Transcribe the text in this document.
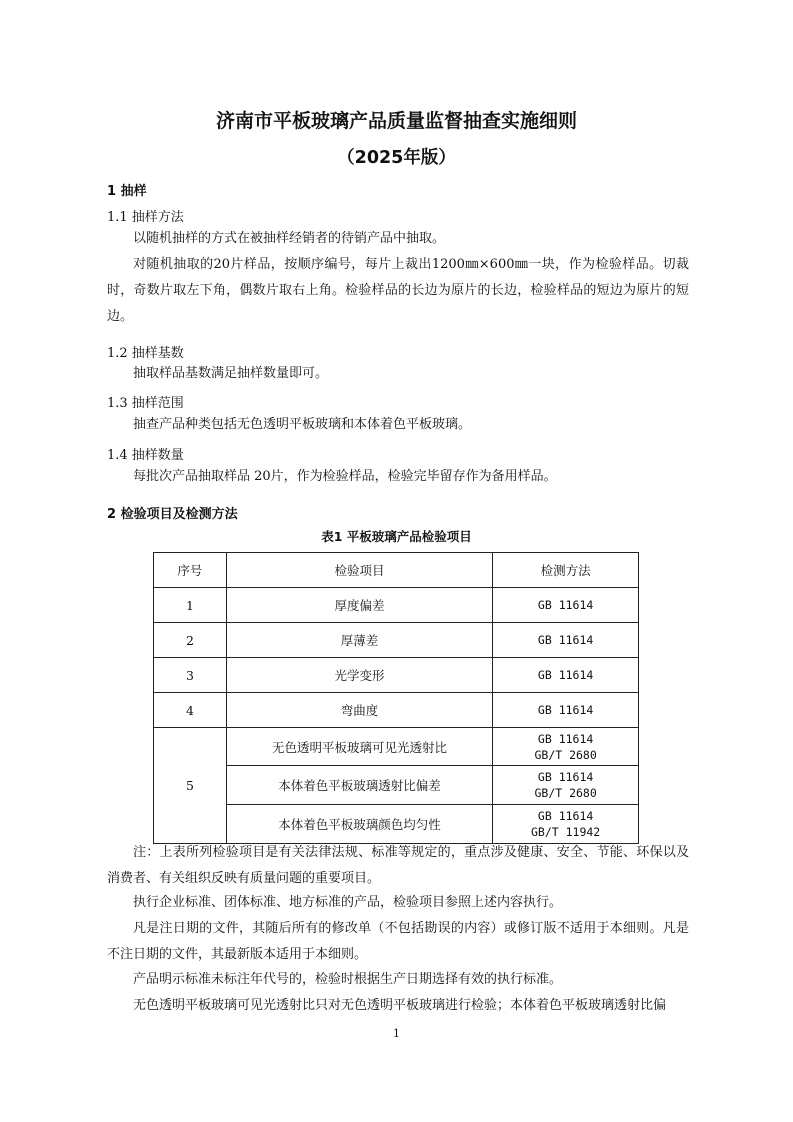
济南市平板玻璃产品质量监督抽查实施细则
（2025年版）
1 抽样
1.1 抽样方法
以随机抽样的方式在被抽样经销者的待销产品中抽取。
对随机抽取的20片样品，按顺序编号，每片上裁出1200㎜×600㎜一块，作为检验样品。切裁时，奇数片取左下角，偶数片取右上角。检验样品的长边为原片的长边，检验样品的短边为原片的短边。
1.2 抽样基数
抽取样品基数满足抽样数量即可。
1.3 抽样范围
抽查产品种类包括无色透明平板玻璃和本体着色平板玻璃。
1.4 抽样数量
每批次产品抽取样品 20片，作为检验样品，检验完毕留存作为备用样品。
2 检验项目及检测方法
表1 平板玻璃产品检验项目
序号	检验项目	检测方法
1	厚度偏差	GB 11614
2	厚薄差	GB 11614
3	光学变形	GB 11614
4	弯曲度	GB 11614
5	无色透明平板玻璃可见光透射比	GB 11614
GB/T 2680

	本体着色平板玻璃透射比偏差	GB 11614
GB/T 2680

	本体着色平板玻璃颜色均匀性	GB 11614
GB/T 11942
注：上表所列检验项目是有关法律法规、标准等规定的，重点涉及健康、安全、节能、环保以及消费者、有关组织反映有质量问题的重要项目。
执行企业标准、团体标准、地方标准的产品，检验项目参照上述内容执行。
凡是注日期的文件，其随后所有的修改单（不包括勘误的内容）或修订版不适用于本细则。凡是不注日期的文件，其最新版本适用于本细则。
产品明示标准未标注年代号的，检验时根据生产日期选择有效的执行标准。
无色透明平板玻璃可见光透射比只对无色透明平板玻璃进行检验；本体着色平板玻璃透射比偏
1
